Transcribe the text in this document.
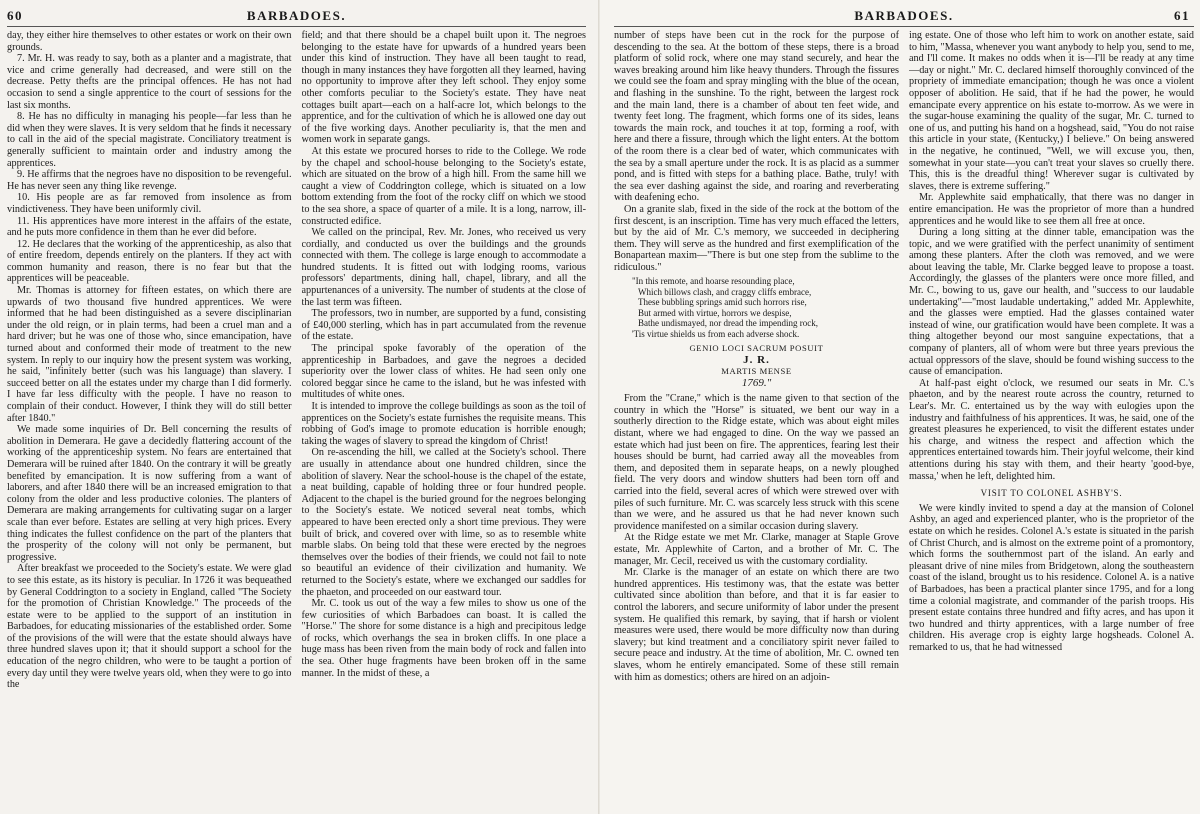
60	BARBADOES.

day, they either hire themselves to other estates or work on their own grounds.

7. Mr. H. was ready to say, both as a planter and a magistrate, that vice and crime generally had decreased, and were still on the decrease. Petty thefts are the principal offences. He has not had occasion to send a single apprentice to the court of sessions for the last six months.

8. He has no difficulty in managing his people—far less than he did when they were slaves. It is very seldom that he finds it necessary to call in the aid of the special magistrate. Conciliatory treatment is generally sufficient to maintain order and industry among the apprentices.

9. He affirms that the negroes have no disposition to be revengeful. He has never seen any thing like revenge.

10. His people are as far removed from insolence as from vindictiveness. They have been uniformly civil.

11. His apprentices have more interest in the affairs of the estate, and he puts more confidence in them than he ever did before.

12. He declares that the working of the apprenticeship, as also that of entire freedom, depends entirely on the planters. If they act with common humanity and reason, there is no fear but that the apprentices will be peaceable.

Mr. Thomas is attorney for fifteen estates, on which there are upwards of two thousand five hundred apprentices. We were informed that he had been distinguished as a severe disciplinarian under the old reign, or in plain terms, had been a cruel man and a hard driver; but he was one of those who, since emancipation, have turned about and conformed their mode of treatment to the new system. In reply to our inquiry how the present system was working, he said, "infinitely better (such was his language) than slavery. I succeed better on all the estates under my charge than I did formerly. I have far less difficulty with the people. I have no reason to complain of their conduct. However, I think they will do still better after 1840."

We made some inquiries of Dr. Bell concerning the results of abolition in Demerara. He gave a decidedly flattering account of the working of the apprenticeship system. No fears are entertained that Demerara will be ruined after 1840. On the contrary it will be greatly benefited by emancipation. It is now suffering from a want of laborers, and after 1840 there will be an increased emigration to that colony from the older and less productive colonies. The planters of Demerara are making arrangements for cultivating sugar on a larger scale than ever before. Estates are selling at very high prices. Every thing indicates the fullest confidence on the part of the planters that the prosperity of the colony will not only be permanent, but progressive.

After breakfast we proceeded to the Society's estate. We were glad to see this estate, as its history is peculiar. In 1726 it was bequeathed by General Coddrington to a society in England, called "The Society for the promotion of Christian Knowledge." The proceeds of the estate were to be applied to the support of an institution in Barbadoes, for educating missionaries of the established order. Some of the provisions of the will were that the estate should always have three hundred slaves upon it; that it should support a school for the education of the negro children, who were to be taught a portion of every day until they were twelve years old, when they were to go into the

field; and that there should be a chapel built upon it. The negroes belonging to the estate have for upwards of a hundred years been under this kind of instruction. They have all been taught to read, though in many instances they have forgotten all they learned, having no opportunity to improve after they left school. They enjoy some other comforts peculiar to the Society's estate. They have neat cottages built apart—each on a half-acre lot, which belongs to the apprentice, and for the cultivation of which he is allowed one day out of the five working days. Another peculiarity is, that the men and women work in separate gangs.

At this estate we procured horses to ride to the College. We rode by the chapel and school-house belonging to the Society's estate, which are situated on the brow of a high hill. From the same hill we caught a view of Coddrington college, which is situated on a low bottom extending from the foot of the rocky cliff on which we stood to the sea shore, a space of quarter of a mile. It is a long, narrow, ill-constructed edifice.

We called on the principal, Rev. Mr. Jones, who received us very cordially, and conducted us over the buildings and the grounds connected with them. The college is large enough to accommodate a hundred students. It is fitted out with lodging rooms, various professors' departments, dining hall, chapel, library, and all the appurtenances of a university. The number of students at the close of the last term was fifteen.

The professors, two in number, are supported by a fund, consisting of £40,000 sterling, which has in part accumulated from the revenue of the estate.

The principal spoke favorably of the operation of the apprenticeship in Barbadoes, and gave the negroes a decided superiority over the lower class of whites. He had seen only one colored beggar since he came to the island, but he was infested with multitudes of white ones.

It is intended to improve the college buildings as soon as the toil of apprentices on the Society's estate furnishes the requisite means. This robbing of God's image to promote education is horrible enough; taking the wages of slavery to spread the kingdom of Christ!

On re-ascending the hill, we called at the Society's school. There are usually in attendance about one hundred children, since the abolition of slavery. Near the school-house is the chapel of the estate, a neat building, capable of holding three or four hundred people. Adjacent to the chapel is the buried ground for the negroes belonging to the Society's estate. We noticed several neat tombs, which appeared to have been erected only a short time previous. They were built of brick, and covered over with lime, so as to resemble white marble slabs. On being told that these were erected by the negroes themselves over the bodies of their friends, we could not fail to note so beautiful an evidence of their civilization and humanity. We returned to the Society's estate, where we exchanged our saddles for the phaeton, and proceeded on our eastward tour.

Mr. C. took us out of the way a few miles to show us one of the few curiosities of which Barbadoes can boast. It is called the "Horse." The shore for some distance is a high and precipitous ledge of rocks, which overhangs the sea in broken cliffs. In one place a huge mass has been riven from the main body of rock and fallen into the sea. Other huge fragments have been broken off in the same manner. In the midst of these, a

BARBADOES.	61

number of steps have been cut in the rock for the purpose of descending to the sea. At the bottom of these steps, there is a broad platform of solid rock, where one may stand securely, and hear the waves breaking around him like heavy thunders. Through the fissures we could see the foam and spray mingling with the blue of the ocean, and flashing in the sunshine. To the right, between the largest rock and the main land, there is a chamber of about ten feet wide, and twenty feet long. The fragment, which forms one of its sides, leans towards the main rock, and touches it at top, forming a roof, with here and there a fissure, through which the light enters. At the bottom of the room there is a clear bed of water, which communicates with the sea by a small aperture under the rock. It is as placid as a summer pond, and is fitted with steps for a bathing place. Bathe, truly! with the sea ever dashing against the side, and roaring and reverberating with deafening echo.

On a granite slab, fixed in the side of the rock at the bottom of the first descent, is an inscription. Time has very much effaced the letters, but by the aid of Mr. C.'s memory, we succeeded in deciphering them. They will serve as the hundred and first exemplification of the Bonapartean maxim—"There is but one step from the sublime to the ridiculous."

"In this remote, and hoarse resounding place,
Which billows clash, and craggy cliffs embrace,
These bubbling springs amid such horrors rise,
But armed with virtue, horrors we despise,
Bathe undismayed, nor dread the impending rock,
'Tis virtue shields us from each adverse shock.
GENIO LOCI SACRUM POSUIT
J. R.
MARTIS MENSE
1769."

From the "Crane," which is the name given to that section of the country in which the "Horse" is situated, we bent our way in a southerly direction to the Ridge estate, which was about eight miles distant, where we had engaged to dine. On the way we passed an estate which had just been on fire. The apprentices, fearing lest their houses should be burnt, had carried away all the moveables from them, and deposited them in separate heaps, on a newly ploughed field. The very doors and window shutters had been torn off and carried into the field, several acres of which were strewed over with piles of such furniture. Mr. C. was scarcely less struck with this scene than we were, and he assured us that he had never known such providence manifested on a similar occasion during slavery.

At the Ridge estate we met Mr. Clarke, manager at Staple Grove estate, Mr. Applewhite of Carton, and a brother of Mr. C. The manager, Mr. Cecil, received us with the customary cordiality.

Mr. Clarke is the manager of an estate on which there are two hundred apprentices. His testimony was, that the estate was better cultivated since abolition than before, and that it is far easier to control the laborers, and secure uniformity of labor under the present system. He qualified this remark, by saying, that if harsh or violent measures were used, there would be more difficulty now than during slavery; but kind treatment and a conciliatory spirit never failed to secure peace and industry. At the time of abolition, Mr. C. owned ten slaves, whom he entirely emancipated. Some of these still remain with him as domestics; others are hired on an adjoin-

ing estate. One of those who left him to work on another estate, said to him, "Massa, whenever you want anybody to help you, send to me, and I'll come. It makes no odds when it is—I'll be ready at any time—day or night." Mr. C. declared himself thoroughly convinced of the propriety of immediate emancipation; though he was once a violent opposer of abolition. He said, that if he had the power, he would emancipate every apprentice on his estate to-morrow. As we were in the sugar-house examining the quality of the sugar, Mr. C. turned to one of us, and putting his hand on a hogshead, said, "You do not raise this article in your state, (Kentucky,) I believe." On being answered in the negative, he continued, "Well, we will excuse you, then, somewhat in your state—you can't treat your slaves so cruelly there. This, this is the dreadful thing! Wherever sugar is cultivated by slaves, there is extreme suffering."

Mr. Applewhite said emphatically, that there was no danger in entire emancipation. He was the proprietor of more than a hundred apprentices and he would like to see them all free at once.

During a long sitting at the dinner table, emancipation was the topic, and we were gratified with the perfect unanimity of sentiment among these planters. After the cloth was removed, and we were about leaving the table, Mr. Clarke begged leave to propose a toast. Accordingly, the glasses of the planters were once more filled, and Mr. C., bowing to us, gave our health, and "success to our laudable undertaking"—"most laudable undertaking," added Mr. Applewhite, and the glasses were emptied. Had the glasses contained water instead of wine, our gratification would have been complete. It was a thing altogether beyond our most sanguine expectations, that a company of planters, all of whom were but three years previous the actual oppressors of the slave, should be found wishing success to the cause of emancipation.

At half-past eight o'clock, we resumed our seats in Mr. C.'s phaeton, and by the nearest route across the country, returned to Lear's. Mr. C. entertained us by the way with eulogies upon the industry and faithfulness of his apprentices. It was, he said, one of the greatest pleasures he experienced, to visit the different estates under his charge, and witness the respect and affection which the apprentices entertained towards him. Their joyful welcome, their kind attentions during his stay with them, and their hearty 'good-bye, massa,' when he left, delighted him.

VISIT TO COLONEL ASHBY'S.

We were kindly invited to spend a day at the mansion of Colonel Ashby, an aged and experienced planter, who is the proprietor of the estate on which he resides. Colonel A.'s estate is situated in the parish of Christ Church, and is almost on the extreme point of a promontory, which forms the southernmost part of the island. An early and pleasant drive of nine miles from Bridgetown, along the southeastern coast of the island, brought us to his residence. Colonel A. is a native of Barbadoes, has been a practical planter since 1795, and for a long time a colonial magistrate, and commander of the parish troops. His present estate contains three hundred and fifty acres, and has upon it two hundred and thirty apprentices, with a large number of free children. His average crop is eighty large hogsheads. Colonel A. remarked to us, that he had witnessed
